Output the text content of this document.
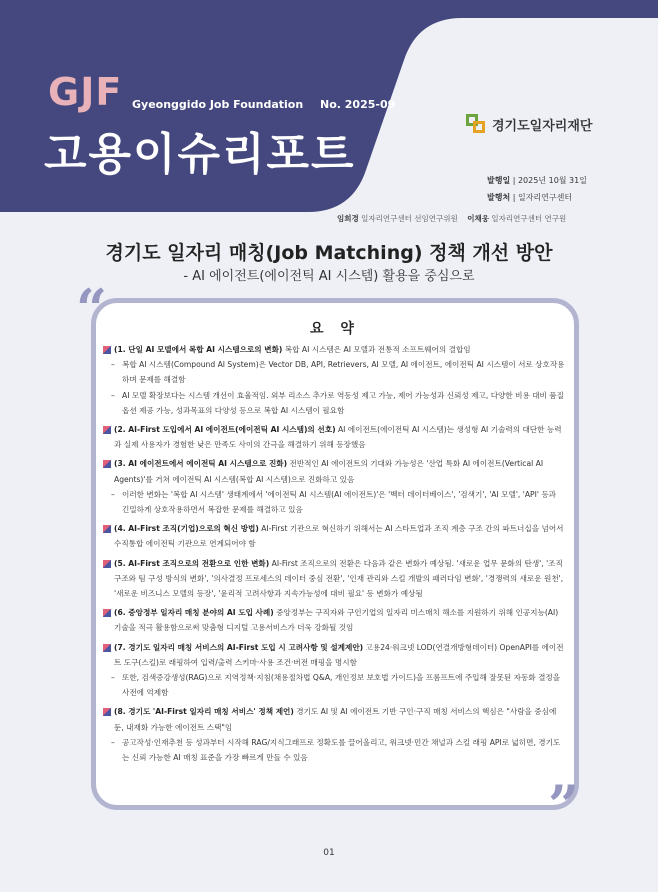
GJF Gyeonggido Job Foundation No. 2025-09
고용이슈리포트
경기도일자리재단
발행일 | 2025년 10월 31일
발행처 | 일자리연구센터
임희경 일자리연구센터 선임연구위원 이채웅 일자리연구센터 연구원
경기도 일자리 매칭(Job Matching) 정책 개선 방안
- AI 에이전트(에이전틱 AI 시스템) 활용을 중심으로
“
”
요 약
(1. 단일 AI 모델에서 복합 AI 시스템으로의 변화) 복합 AI 시스템은 AI 모델과 전통적 소프트웨어의 결합임
– 복합 AI 시스템(Compound AI System)은 Vector DB, API, Retrievers, AI 모델, AI 에이전트, 에이전틱 AI 시스템이 서로 상호작용하며 문제를 해결함
– AI 모델 확장보다는 시스템 개선이 효율적임. 외부 리소스 추가로 역동성 제고 가능, 제어 가능성과 신뢰성 제고, 다양한 비용 대비 품질 옵션 제공 가능, 성과목표의 다양성 등으로 복합 AI 시스템이 필요함
(2. AI-First 도입에서 AI 에이전트(에이전틱 AI 시스템)의 선호) AI 에이전트(에이전틱 AI 시스템)는 생성형 AI 기술력의 대단한 능력과 실제 사용자가 경험한 낮은 만족도 사이의 간극을 해결하기 위해 등장했음
(3. AI 에이전트에서 에이전틱 AI 시스템으로 진화) 전반적인 AI 에이전트의 기대와 가능성은 '산업 특화 AI 에이전트(Vertical AI Agents)'를 거쳐 에이전틱 AI 시스템(복합 AI 시스템)으로 진화하고 있음
– 이러한 변화는 '복합 AI 시스템' 생태계에서 '에이전틱 AI 시스템(AI 에이전트)'은 '벡터 데이터베이스', '검색기', 'AI 모델', 'API' 등과 긴밀하게 상호작용하면서 복잡한 문제를 해결하고 있음
(4. AI-First 조직(기업)으로의 혁신 방법) AI-First 기관으로 혁신하기 위해서는 AI 스타트업과 조직 계층 구조 간의 파트너십을 넘어서 수직통합 에이전틱 기관으로 연계되어야 함
(5. AI-First 조직으로의 전환으로 인한 변화) AI-First 조직으로의 전환은 다음과 같은 변화가 예상됨. '새로운 업무 문화의 탄생', '조직 구조와 팀 구성 방식의 변화', '의사결정 프로세스의 데이터 중심 전환', '인재 관리와 스킬 개발의 패러다임 변화', '경쟁력의 새로운 원천', '새로운 비즈니스 모델의 등장', '윤리적 고려사항과 지속가능성에 대비 필요' 등 변화가 예상됨
(6. 중앙정부 일자리 매칭 분야의 AI 도입 사례) 중앙정부는 구직자와 구인기업의 일자리 미스매치 해소를 지원하기 위해 인공지능(AI) 기술을 적극 활용함으로써 맞춤형 디지털 고용서비스가 더욱 강화될 것임
(7. 경기도 일자리 매칭 서비스의 AI-First 도입 시 고려사항 및 설계제안) 고용24·워크넷 LOD(연결개방형데이터) OpenAPI를 에이전트 도구(스킬)로 래핑하여 입력/출력 스키마·사용 조건·버전 매핑을 명시함
– 또한, 검색증강생성(RAG)으로 지역정책·지침(채용절차법 Q&A, 개인정보 보호법 가이드)을 프롬프트에 주입해 잘못된 자동화 결정을 사전에 억제함
(8. 경기도 'AI-First 일자리 매칭 서비스' 정책 제언) 경기도 AI 및 AI 에이전트 기반 구인·구직 매칭 서비스의 핵심은 "사람을 중심에 둔, 내재화 가능한 에이전트 스택"임
– 공고작성·인재추천 등 성과부터 시작해 RAG/지식그래프로 정확도를 끌어올리고, 워크넷·민간 채널과 스킬 래핑 API로 넓히면, 경기도는 신뢰 가능한 AI 매칭 표준을 가장 빠르게 만들 수 있음
01
